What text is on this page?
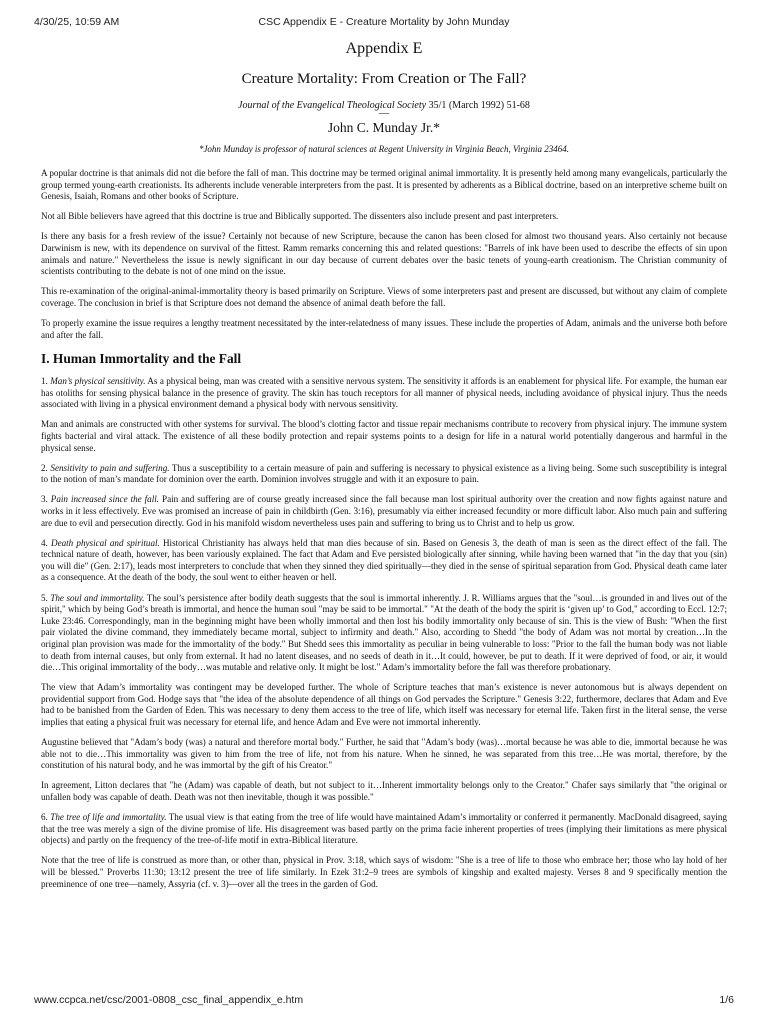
4/30/25, 10:59 AM	CSC Appendix E - Creature Mortality by John Munday
Appendix E
Creature Mortality: From Creation or The Fall?
Journal of the Evangelical Theological Society 35/1 (March 1992) 51-68
—
John C. Munday Jr.*
*John Munday is professor of natural sciences at Regent University in Virginia Beach, Virginia 23464.

A popular doctrine is that animals did not die before the fall of man. This doctrine may be termed original animal immortality. It is presently held among many evangelicals, particularly the group termed young-earth creationists. Its adherents include venerable interpreters from the past. It is presented by adherents as a Biblical doctrine, based on an interpretive scheme built on Genesis, Isaiah, Romans and other books of Scripture.

Not all Bible believers have agreed that this doctrine is true and Biblically supported. The dissenters also include present and past interpreters.

Is there any basis for a fresh review of the issue? Certainly not because of new Scripture, because the canon has been closed for almost two thousand years. Also certainly not because Darwinism is new, with its dependence on survival of the fittest. Ramm remarks concerning this and related questions: "Barrels of ink have been used to describe the effects of sin upon animals and nature." Nevertheless the issue is newly significant in our day because of current debates over the basic tenets of young-earth creationism. The Christian community of scientists contributing to the debate is not of one mind on the issue.

This re-examination of the original-animal-immortality theory is based primarily on Scripture. Views of some interpreters past and present are discussed, but without any claim of complete coverage. The conclusion in brief is that Scripture does not demand the absence of animal death before the fall.

To properly examine the issue requires a lengthy treatment necessitated by the inter-relatedness of many issues. These include the properties of Adam, animals and the universe both before and after the fall.

I. Human Immortality and the Fall

1. Man’s physical sensitivity. As a physical being, man was created with a sensitive nervous system. The sensitivity it affords is an enablement for physical life. For example, the human ear has otoliths for sensing physical balance in the presence of gravity. The skin has touch receptors for all manner of physical needs, including avoidance of physical injury. Thus the needs associated with living in a physical environment demand a physical body with nervous sensitivity.

Man and animals are constructed with other systems for survival. The blood’s clotting factor and tissue repair mechanisms contribute to recovery from physical injury. The immune system fights bacterial and viral attack. The existence of all these bodily protection and repair systems points to a design for life in a natural world potentially dangerous and harmful in the physical sense.

2. Sensitivity to pain and suffering. Thus a susceptibility to a certain measure of pain and suffering is necessary to physical existence as a living being. Some such susceptibility is integral to the notion of man’s mandate for dominion over the earth. Dominion involves struggle and with it an exposure to pain.

3. Pain increased since the fall. Pain and suffering are of course greatly increased since the fall because man lost spiritual authority over the creation and now fights against nature and works in it less effectively. Eve was promised an increase of pain in childbirth (Gen. 3:16), presumably via either increased fecundity or more difficult labor. Also much pain and suffering are due to evil and persecution directly. God in his manifold wisdom nevertheless uses pain and suffering to bring us to Christ and to help us grow.

4. Death physical and spiritual. Historical Christianity has always held that man dies because of sin. Based on Genesis 3, the death of man is seen as the direct effect of the fall. The technical nature of death, however, has been variously explained. The fact that Adam and Eve persisted biologically after sinning, while having been warned that "in the day that you (sin) you will die" (Gen. 2:17), leads most interpreters to conclude that when they sinned they died spiritually—they died in the sense of spiritual separation from God. Physical death came later as a consequence. At the death of the body, the soul went to either heaven or hell.

5. The soul and immortality. The soul’s persistence after bodily death suggests that the soul is immortal inherently. J. R. Williams argues that the "soul…is grounded in and lives out of the spirit," which by being God’s breath is immortal, and hence the human soul "may be said to be immortal." "At the death of the body the spirit is ‘given up’ to God," according to Eccl. 12:7; Luke 23:46. Correspondingly, man in the beginning might have been wholly immortal and then lost his bodily immortality only because of sin. This is the view of Bush: "When the first pair violated the divine command, they immediately became mortal, subject to infirmity and death." Also, according to Shedd "the body of Adam was not mortal by creation…In the original plan provision was made for the immortality of the body." But Shedd sees this immortality as peculiar in being vulnerable to loss: "Prior to the fall the human body was not liable to death from internal causes, but only from external. It had no latent diseases, and no seeds of death in it…It could, however, be put to death. If it were deprived of food, or air, it would die…This original immortality of the body…was mutable and relative only. It might be lost." Adam’s immortality before the fall was therefore probationary.

The view that Adam’s immortality was contingent may be developed further. The whole of Scripture teaches that man’s existence is never autonomous but is always dependent on providential support from God. Hodge says that "the idea of the absolute dependence of all things on God pervades the Scripture." Genesis 3:22, furthermore, declares that Adam and Eve had to be banished from the Garden of Eden. This was necessary to deny them access to the tree of life, which itself was necessary for eternal life. Taken first in the literal sense, the verse implies that eating a physical fruit was necessary for eternal life, and hence Adam and Eve were not immortal inherently.

Augustine believed that "Adam’s body (was) a natural and therefore mortal body." Further, he said that "Adam’s body (was)…mortal because he was able to die, immortal because he was able not to die…This immortality was given to him from the tree of life, not from his nature. When he sinned, he was separated from this tree…He was mortal, therefore, by the constitution of his natural body, and he was immortal by the gift of his Creator."

In agreement, Litton declares that "he (Adam) was capable of death, but not subject to it…Inherent immortality belongs only to the Creator." Chafer says similarly that "the original or unfallen body was capable of death. Death was not then inevitable, though it was possible."

6. The tree of life and immortality. The usual view is that eating from the tree of life would have maintained Adam’s immortality or conferred it permanently. MacDonald disagreed, saying that the tree was merely a sign of the divine promise of life. His disagreement was based partly on the prima facie inherent properties of trees (implying their limitations as mere physical objects) and partly on the frequency of the tree-of-life motif in extra-Biblical literature.

Note that the tree of life is construed as more than, or other than, physical in Prov. 3:18, which says of wisdom: "She is a tree of life to those who embrace her; those who lay hold of her will be blessed." Proverbs 11:30; 13:12 present the tree of life similarly. In Ezek 31:2–9 trees are symbols of kingship and exalted majesty. Verses 8 and 9 specifically mention the preeminence of one tree—namely, Assyria (cf. v. 3)—over all the trees in the garden of God.

www.ccpca.net/csc/2001-0808_csc_final_appendix_e.htm	1/6
